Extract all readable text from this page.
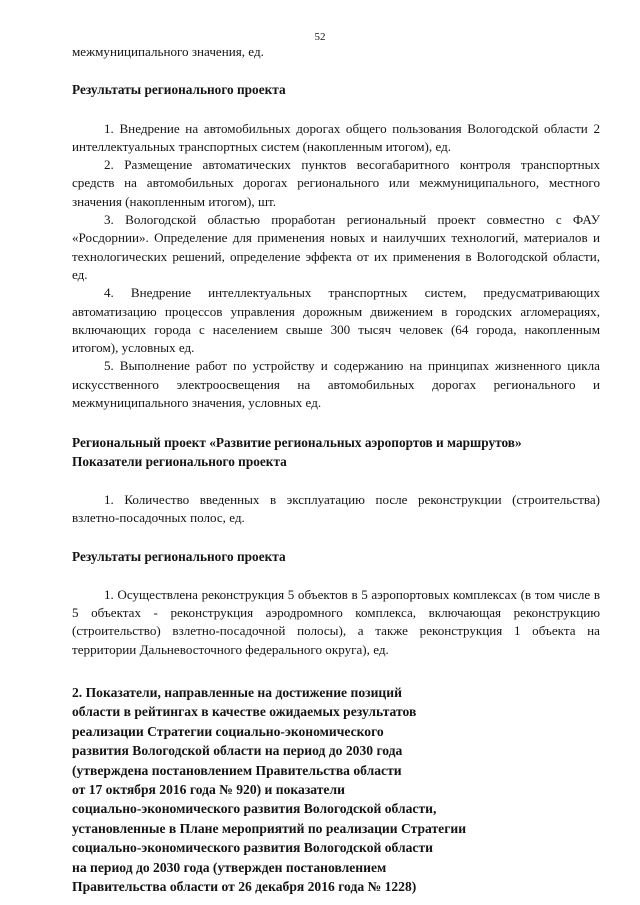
52

межмуниципального значения, ед.

Результаты регионального проекта

1. Внедрение на автомобильных дорогах общего пользования Вологодской области 2 интеллектуальных транспортных систем (накопленным итогом), ед.

2. Размещение автоматических пунктов весогабаритного контроля транспортных средств на автомобильных дорогах регионального или межмуниципального, местного значения (накопленным итогом), шт.

3. Вологодской областью проработан региональный проект совместно с ФАУ «Росдорнии». Определение для применения новых и наилучших технологий, материалов и технологических решений, определение эффекта от их применения в Вологодской области, ед.

4. Внедрение интеллектуальных транспортных систем, предусматривающих автоматизацию процессов управления дорожным движением в городских агломерациях, включающих города с населением свыше 300 тысяч человек (64 города, накопленным итогом), условных ед.

5. Выполнение работ по устройству и содержанию на принципах жизненного цикла искусственного электроосвещения на автомобильных дорогах регионального и межмуниципального значения, условных ед.

Региональный проект «Развитие региональных аэропортов и маршрутов»

Показатели регионального проекта

1. Количество введенных в эксплуатацию после реконструкции (строительства) взлетно-посадочных полос, ед.

Результаты регионального проекта

1. Осуществлена реконструкция 5 объектов в 5 аэропортовых комплексах (в том числе в 5 объектах - реконструкция аэродромного комплекса, включающая реконструкцию (строительство) взлетно-посадочной полосы), а также реконструкция 1 объекта на территории Дальневосточного федерального округа), ед.

2. Показатели, направленные на достижение позиций

области в рейтингах в качестве ожидаемых результатов

реализации Стратегии социально-экономического

развития Вологодской области на период до 2030 года

(утверждена постановлением Правительства области

от 17 октября 2016 года № 920) и показатели

социально-экономического развития Вологодской области,

установленные в Плане мероприятий по реализации Стратегии

социально-экономического развития Вологодской области

на период до 2030 года (утвержден постановлением

Правительства области от 26 декабря 2016 года № 1228)
